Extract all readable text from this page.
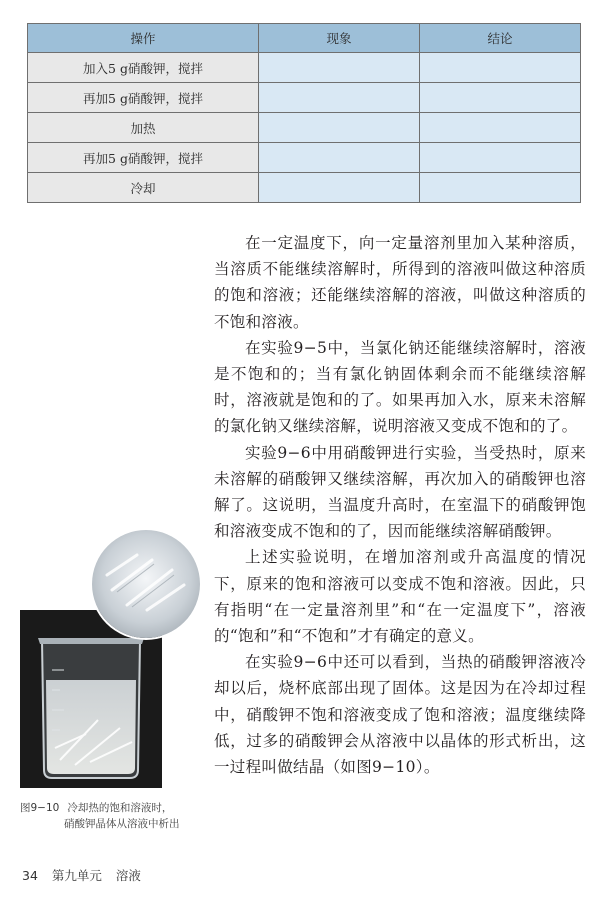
操作	现象	结论
加入5 g硝酸钾，搅拌		
再加5 g硝酸钾，搅拌		
加热		
再加5 g硝酸钾，搅拌		
冷却		

在一定温度下，向一定量溶剂里加入某种溶质，当溶质不能继续溶解时，所得到的溶液叫做这种溶质的饱和溶液；还能继续溶解的溶液，叫做这种溶质的不饱和溶液。

在实验9−5中，当氯化钠还能继续溶解时，溶液是不饱和的；当有氯化钠固体剩余而不能继续溶解时，溶液就是饱和的了。如果再加入水，原来未溶解的氯化钠又继续溶解，说明溶液又变成不饱和的了。

实验9−6中用硝酸钾进行实验，当受热时，原来未溶解的硝酸钾又继续溶解，再次加入的硝酸钾也溶解了。这说明，当温度升高时，在室温下的硝酸钾饱和溶液变成不饱和的了，因而能继续溶解硝酸钾。

上述实验说明，在增加溶剂或升高温度的情况下，原来的饱和溶液可以变成不饱和溶液。因此，只有指明“在一定量溶剂里”和“在一定温度下”，溶液的“饱和”和“不饱和”才有确定的意义。

在实验9−6中还可以看到，当热的硝酸钾溶液冷却以后，烧杯底部出现了固体。这是因为在冷却过程中，硝酸钾不饱和溶液变成了饱和溶液；温度继续降低，过多的硝酸钾会从溶液中以晶体的形式析出，这一过程叫做结晶（如图9−10）。

图9−10 冷却热的饱和溶液时，
硝酸钾晶体从溶液中析出
34 第九单元 溶液
